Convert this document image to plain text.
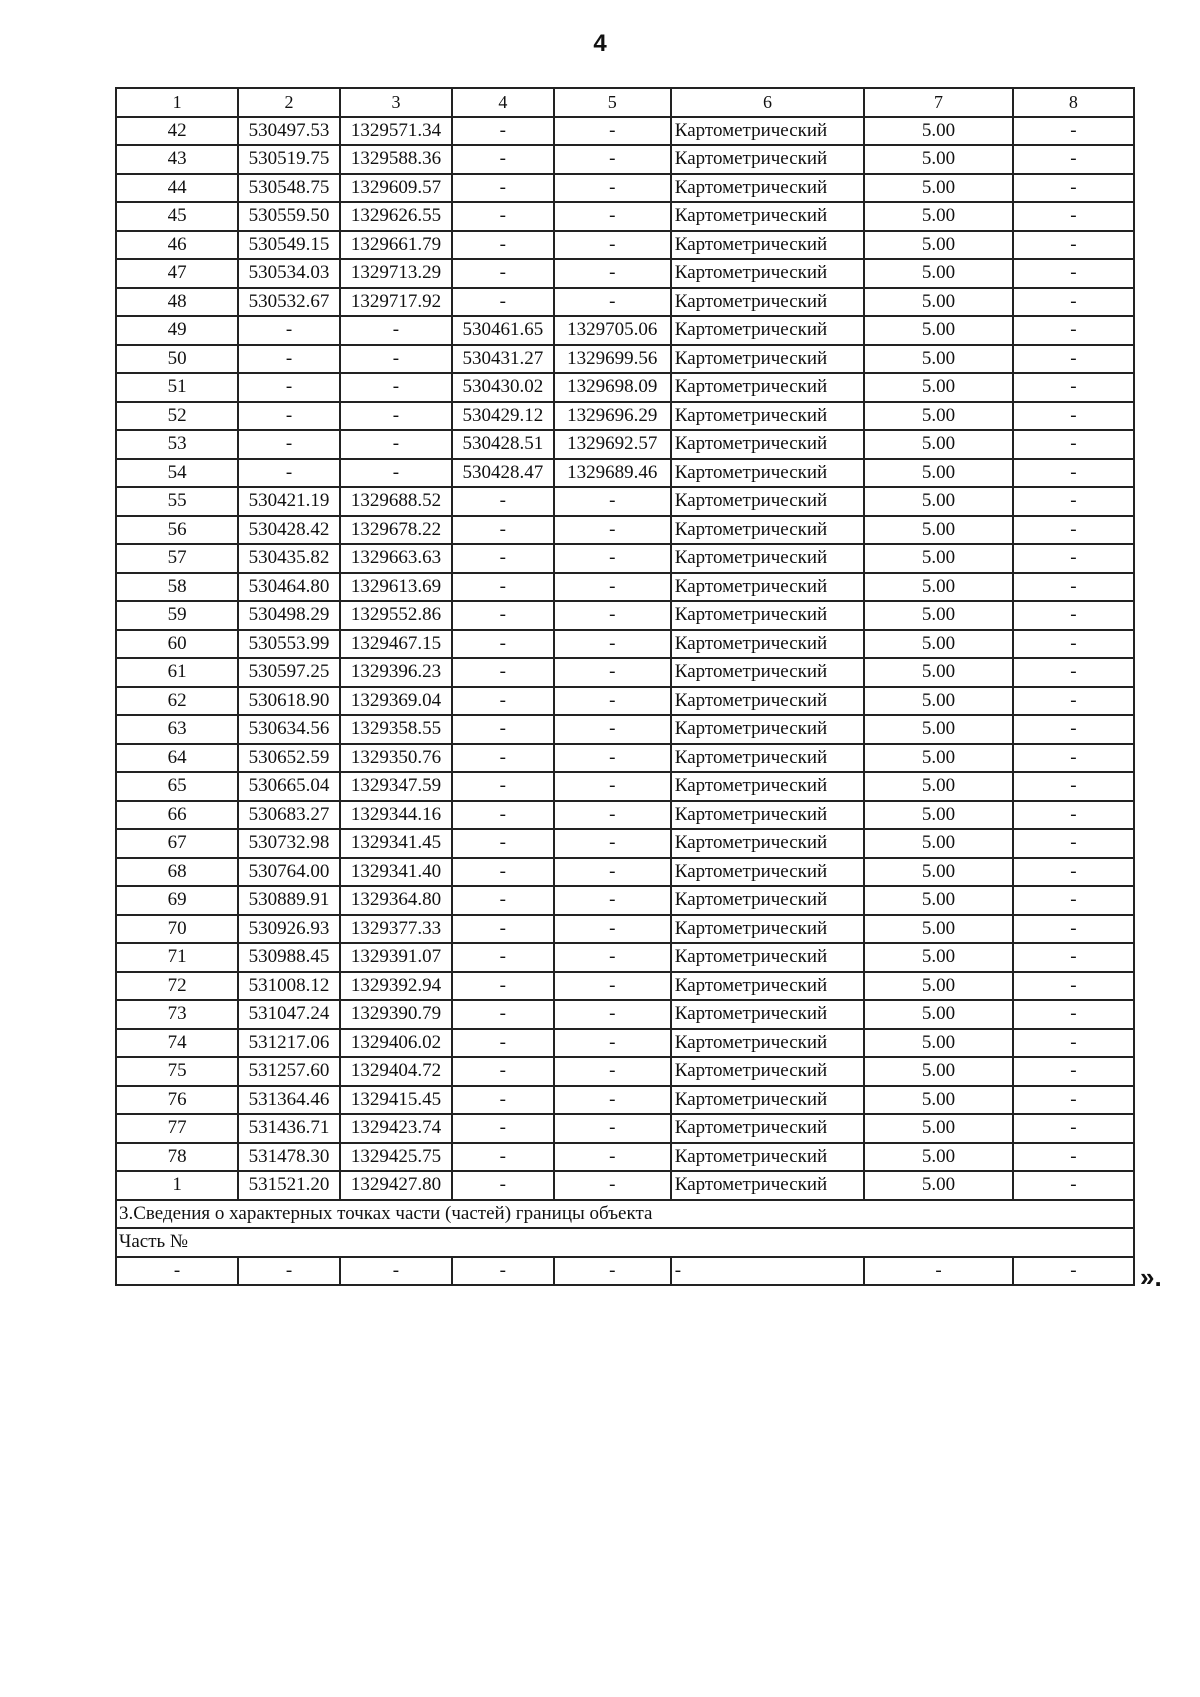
4
1	2	3	4	5	6	7	8
42	530497.53	1329571.34	-	-	Картометрический	5.00	-
43	530519.75	1329588.36	-	-	Картометрический	5.00	-
44	530548.75	1329609.57	-	-	Картометрический	5.00	-
45	530559.50	1329626.55	-	-	Картометрический	5.00	-
46	530549.15	1329661.79	-	-	Картометрический	5.00	-
47	530534.03	1329713.29	-	-	Картометрический	5.00	-
48	530532.67	1329717.92	-	-	Картометрический	5.00	-
49	-	-	530461.65	1329705.06	Картометрический	5.00	-
50	-	-	530431.27	1329699.56	Картометрический	5.00	-
51	-	-	530430.02	1329698.09	Картометрический	5.00	-
52	-	-	530429.12	1329696.29	Картометрический	5.00	-
53	-	-	530428.51	1329692.57	Картометрический	5.00	-
54	-	-	530428.47	1329689.46	Картометрический	5.00	-
55	530421.19	1329688.52	-	-	Картометрический	5.00	-
56	530428.42	1329678.22	-	-	Картометрический	5.00	-
57	530435.82	1329663.63	-	-	Картометрический	5.00	-
58	530464.80	1329613.69	-	-	Картометрический	5.00	-
59	530498.29	1329552.86	-	-	Картометрический	5.00	-
60	530553.99	1329467.15	-	-	Картометрический	5.00	-
61	530597.25	1329396.23	-	-	Картометрический	5.00	-
62	530618.90	1329369.04	-	-	Картометрический	5.00	-
63	530634.56	1329358.55	-	-	Картометрический	5.00	-
64	530652.59	1329350.76	-	-	Картометрический	5.00	-
65	530665.04	1329347.59	-	-	Картометрический	5.00	-
66	530683.27	1329344.16	-	-	Картометрический	5.00	-
67	530732.98	1329341.45	-	-	Картометрический	5.00	-
68	530764.00	1329341.40	-	-	Картометрический	5.00	-
69	530889.91	1329364.80	-	-	Картометрический	5.00	-
70	530926.93	1329377.33	-	-	Картометрический	5.00	-
71	530988.45	1329391.07	-	-	Картометрический	5.00	-
72	531008.12	1329392.94	-	-	Картометрический	5.00	-
73	531047.24	1329390.79	-	-	Картометрический	5.00	-
74	531217.06	1329406.02	-	-	Картометрический	5.00	-
75	531257.60	1329404.72	-	-	Картометрический	5.00	-
76	531364.46	1329415.45	-	-	Картометрический	5.00	-
77	531436.71	1329423.74	-	-	Картометрический	5.00	-
78	531478.30	1329425.75	-	-	Картометрический	5.00	-
1	531521.20	1329427.80	-	-	Картометрический	5.00	-
3.Сведения о характерных точках части (частей) границы объекта							
Часть №							
-	-	-	-	-	-	-	- ».
